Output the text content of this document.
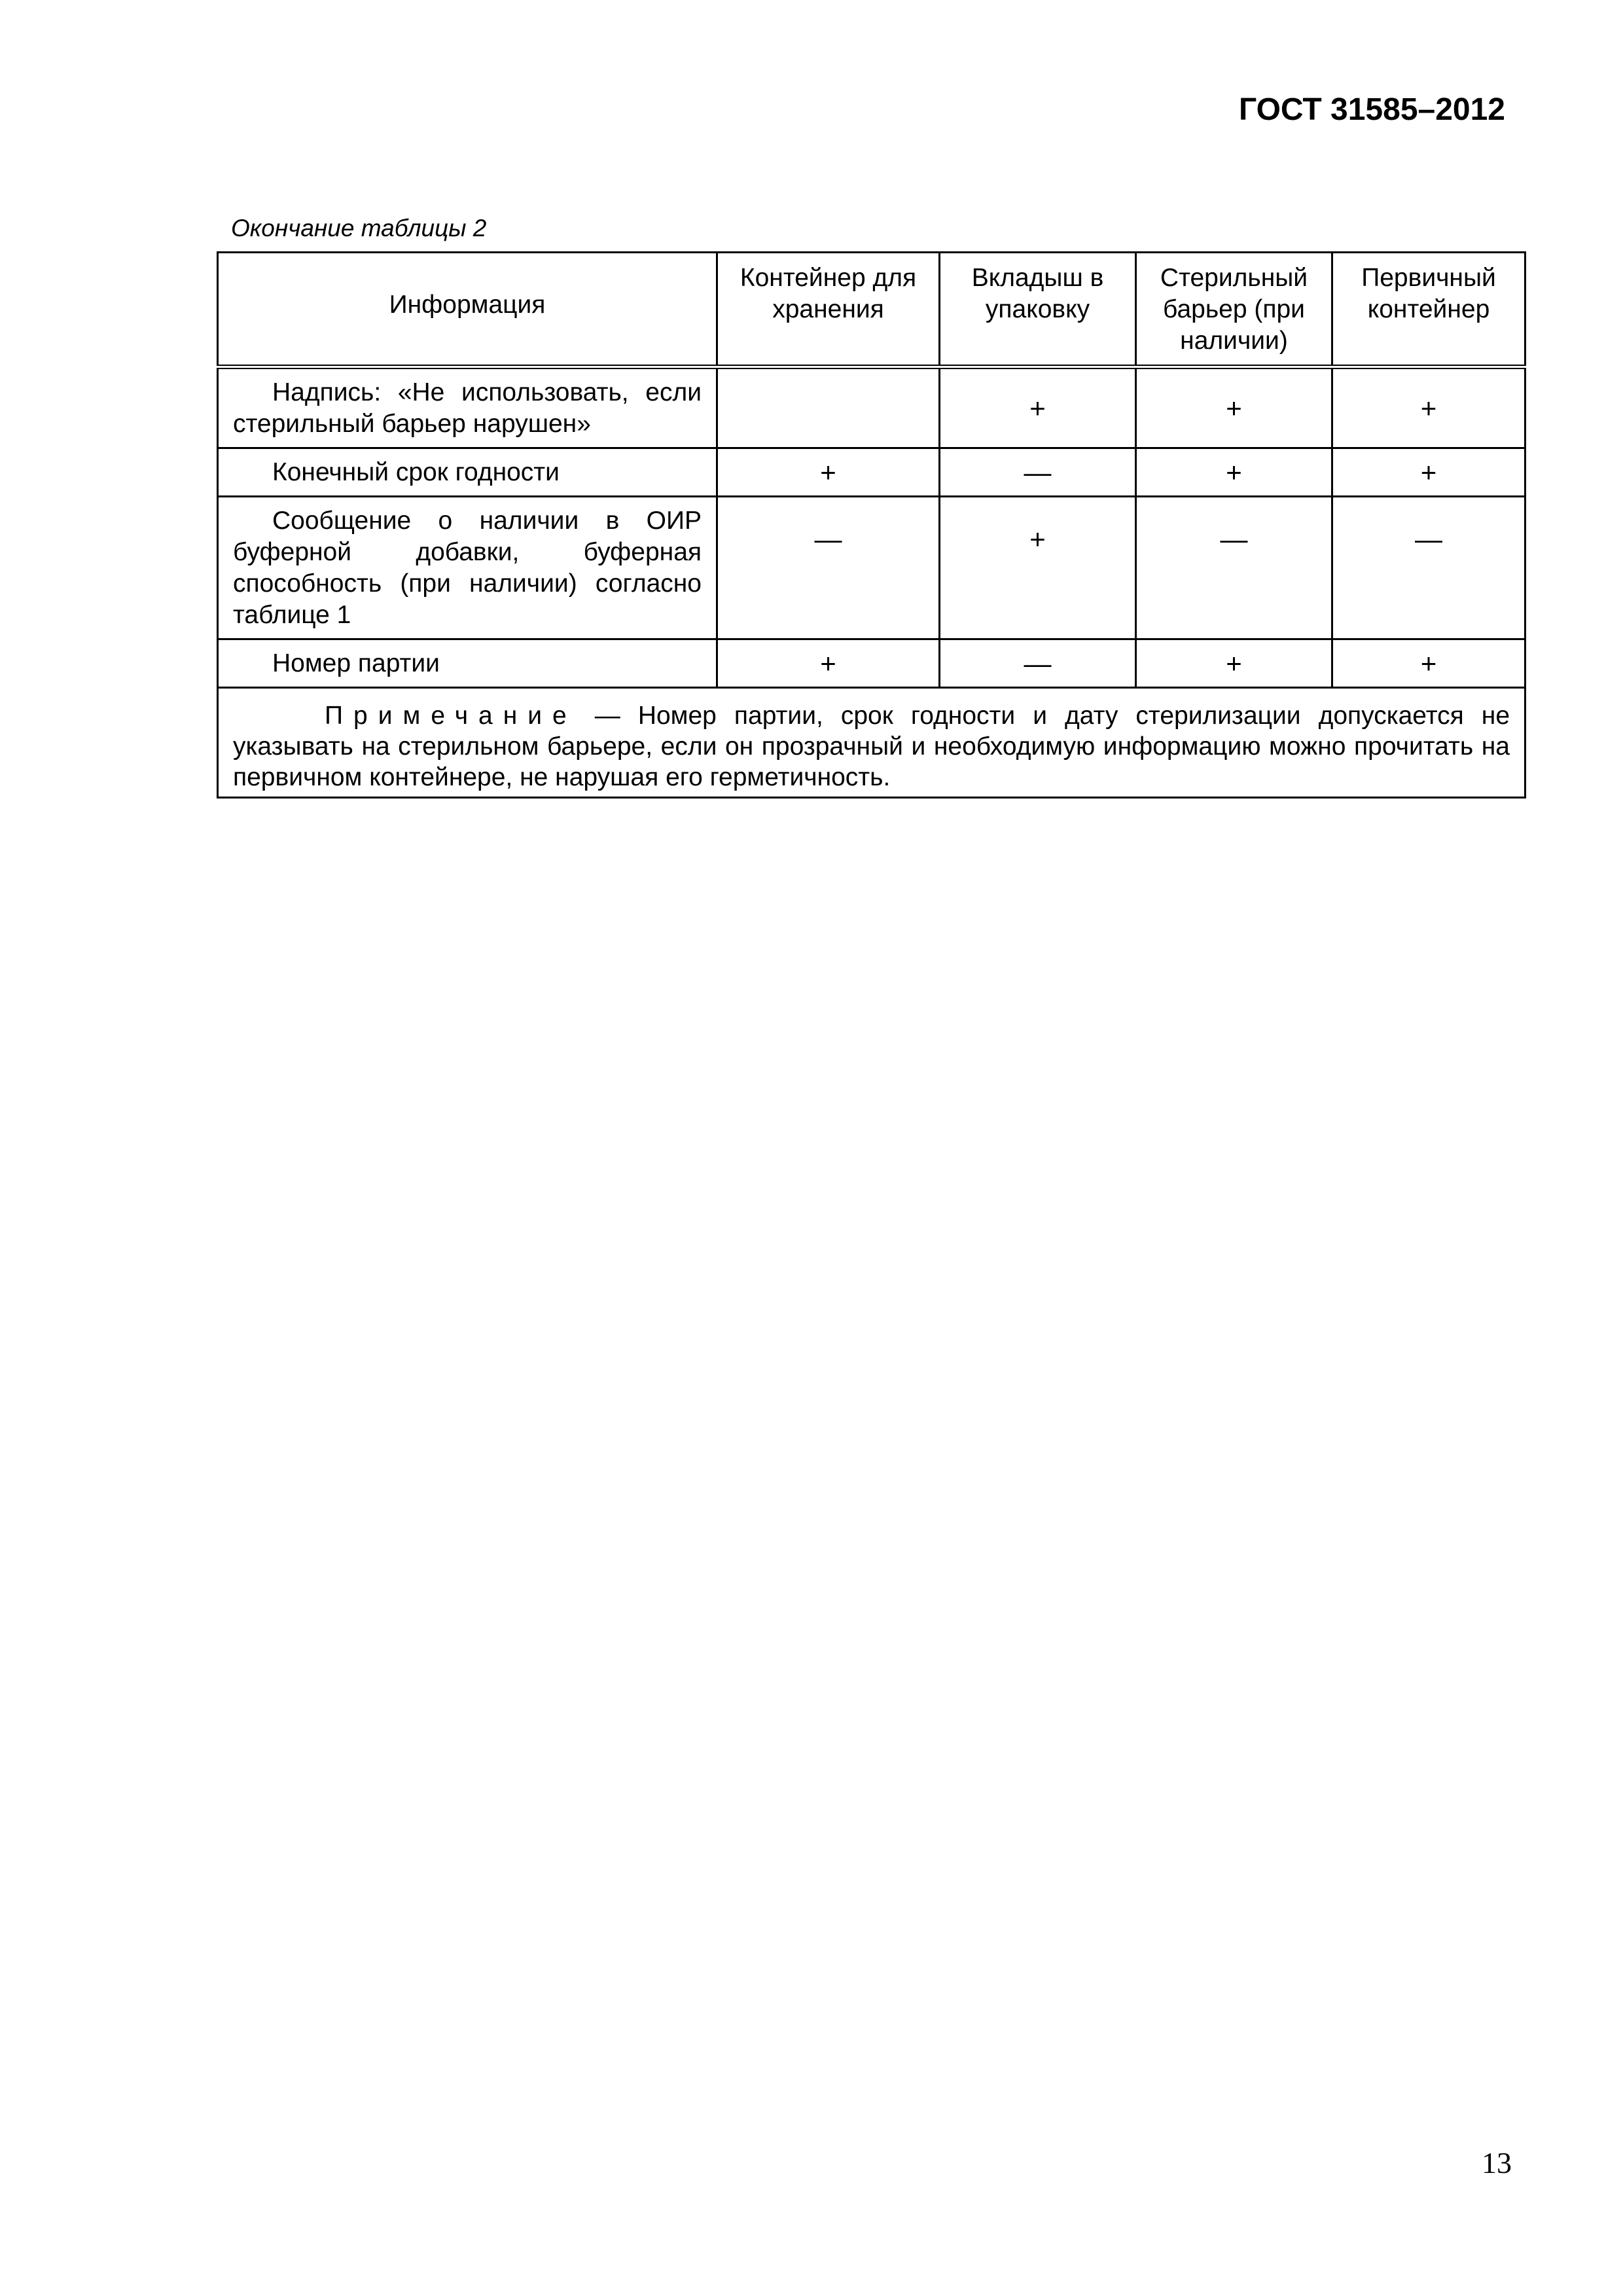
ГОСТ 31585–2012
Окончание таблицы 2
Информация	Контейнер для хранения	Вкладыш в упаковку	Стерильный барьер (при наличии)	Первичный контейнер
Надпись: «Не использовать, если стерильный барьер нарушен»		+	+	+
Конечный срок годности	+	—	+	+
Сообщение о наличии в ОИР буферной добавки, буферная способность (при наличии) согласно таблице 1	—	+	—	—
Номер партии	+	—	+	+
Примечание — Номер партии, срок годности и дату стерилизации допускается не указывать на стерильном барьере, если он прозрачный и необходимую информацию можно прочитать на первичном контейнере, не нарушая его герметичность.				
13
